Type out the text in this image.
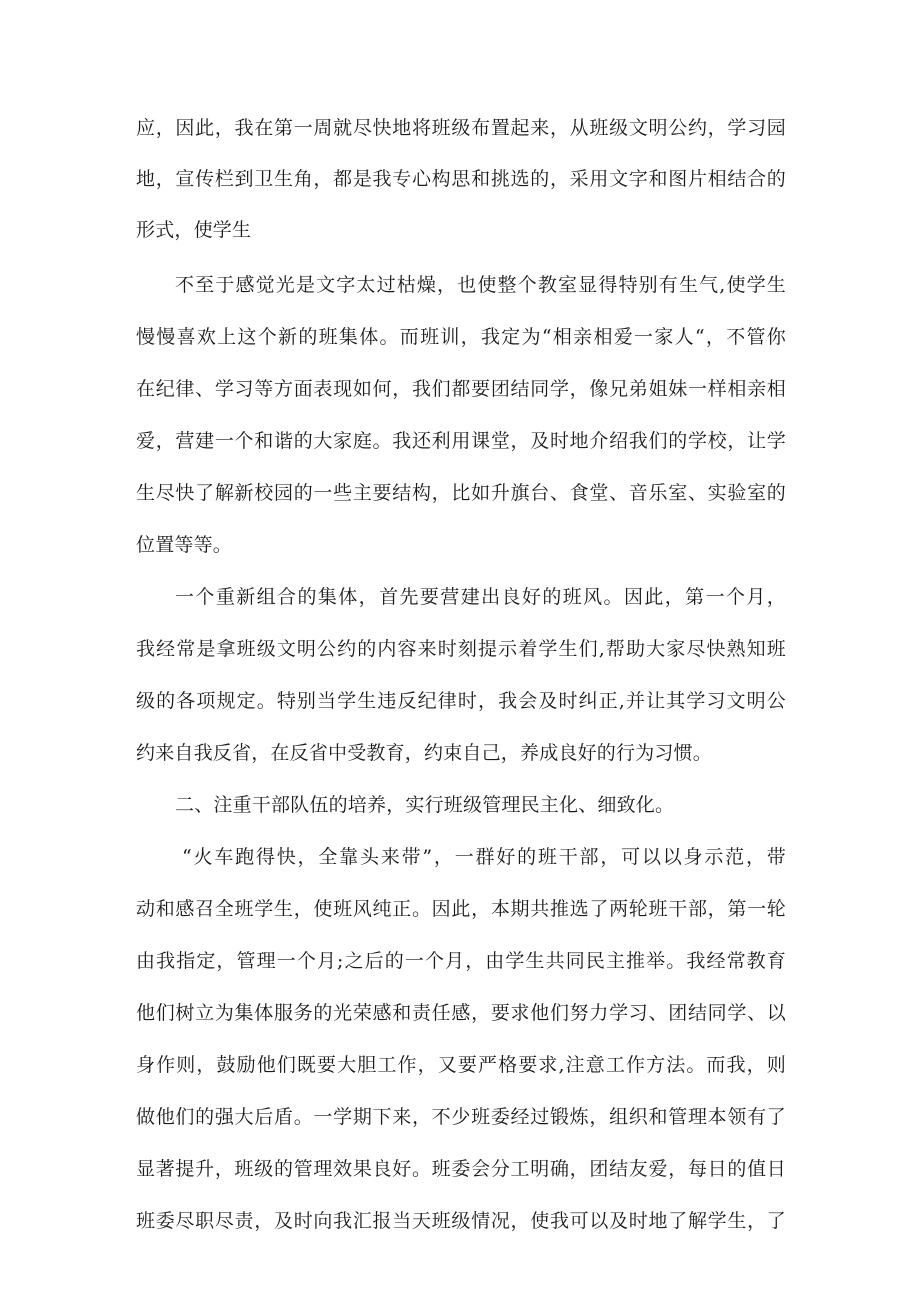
应，因此，我在第一周就尽快地将班级布置起来，从班级文明公约，学习园
地，宣传栏到卫生角，都是我专心构思和挑选的，采用文字和图片相结合的
形式，使学生
不至于感觉光是文字太过枯燥，也使整个教室显得特别有生气,使学生
慢慢喜欢上这个新的班集体。而班训，我定为“相亲相爱一家人“，不管你
在纪律、学习等方面表现如何，我们都要团结同学，像兄弟姐妹一样相亲相
爱，营建一个和谐的大家庭。我还利用课堂，及时地介绍我们的学校，让学
生尽快了解新校园的一些主要结构，比如升旗台、食堂、音乐室、实验室的
位置等等。
一个重新组合的集体，首先要营建出良好的班风。因此，第一个月，
我经常是拿班级文明公约的内容来时刻提示着学生们,帮助大家尽快熟知班
级的各项规定。特别当学生违反纪律时，我会及时纠正,并让其学习文明公
约来自我反省，在反省中受教育，约束自己，养成良好的行为习惯。
二、注重干部队伍的培养，实行班级管理民主化、细致化。
“火车跑得快，全靠头来带”，一群好的班干部，可以以身示范，带
动和感召全班学生，使班风纯正。因此，本期共推选了两轮班干部，第一轮
由我指定，管理一个月;之后的一个月，由学生共同民主推举。我经常教育
他们树立为集体服务的光荣感和责任感，要求他们努力学习、团结同学、以
身作则，鼓励他们既要大胆工作，又要严格要求,注意工作方法。而我，则
做他们的强大后盾。一学期下来，不少班委经过锻炼，组织和管理本领有了
显著提升，班级的管理效果良好。班委会分工明确，团结友爱，每日的值日
班委尽职尽责，及时向我汇报当天班级情况，使我可以及时地了解学生，了
